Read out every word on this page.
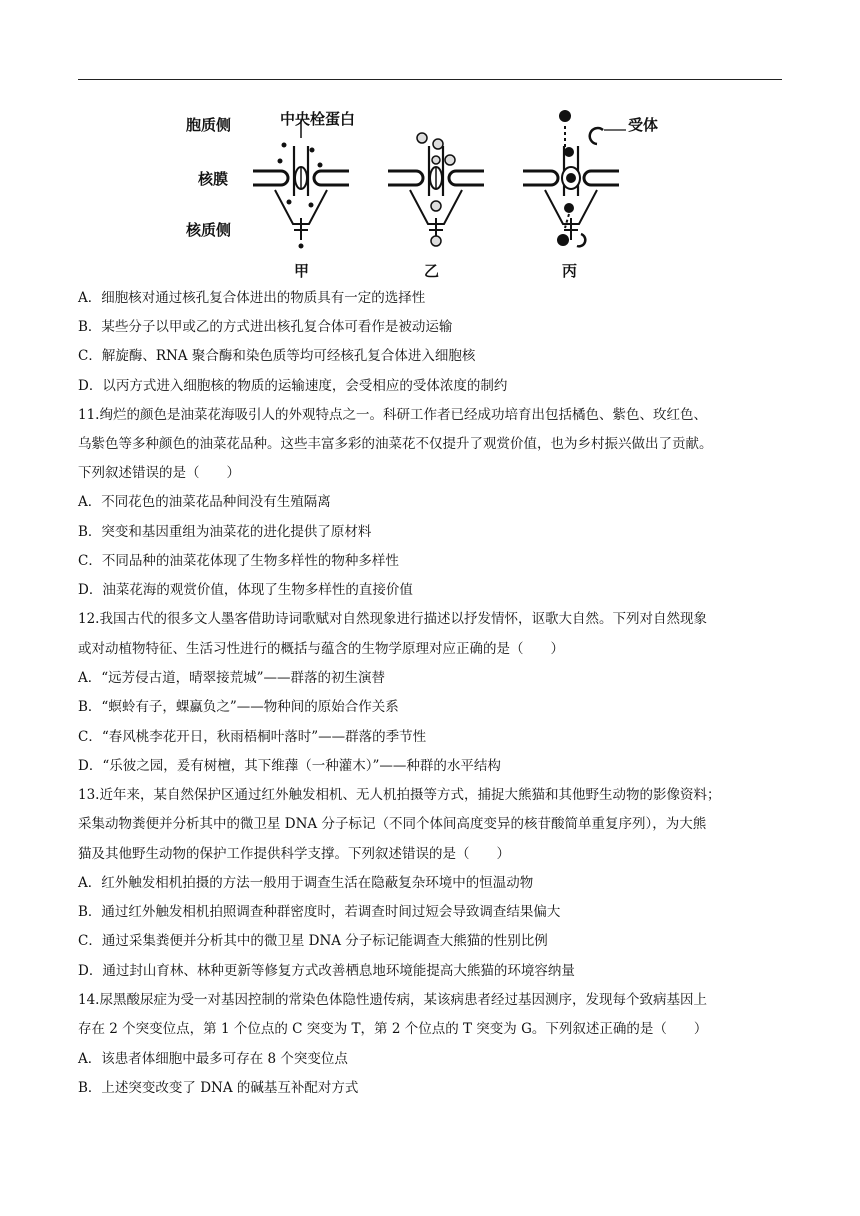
胞质侧	中央栓蛋白	受体
核膜
核质侧
甲	乙	丙
A．细胞核对通过核孔复合体进出的物质具有一定的选择性
B．某些分子以甲或乙的方式进出核孔复合体可看作是被动运输
C．解旋酶、RNA 聚合酶和染色质等均可经核孔复合体进入细胞核
D．以丙方式进入细胞核的物质的运输速度，会受相应的受体浓度的制约
11.绚烂的颜色是油菜花海吸引人的外观特点之一。科研工作者已经成功培育出包括橘色、紫色、玫红色、
乌紫色等多种颜色的油菜花品种。这些丰富多彩的油菜花不仅提升了观赏价值，也为乡村振兴做出了贡献。
下列叙述错误的是（　　）
A．不同花色的油菜花品种间没有生殖隔离
B．突变和基因重组为油菜花的进化提供了原材料
C．不同品种的油菜花体现了生物多样性的物种多样性
D．油菜花海的观赏价值，体现了生物多样性的直接价值
12.我国古代的很多文人墨客借助诗词歌赋对自然现象进行描述以抒发情怀，讴歌大自然。下列对自然现象
或对动植物特征、生活习性进行的概括与蕴含的生物学原理对应正确的是（　　）
A．“远芳侵古道，晴翠接荒城”——群落的初生演替
B．“螟蛉有子，蜾蠃负之”——物种间的原始合作关系
C．“春风桃李花开日，秋雨梧桐叶落时”——群落的季节性
D．“乐彼之园，爰有树檀，其下维蘀（一种灌木）”——种群的水平结构
13.近年来，某自然保护区通过红外触发相机、无人机拍摄等方式，捕捉大熊猫和其他野生动物的影像资料；
采集动物粪便并分析其中的微卫星 DNA 分子标记（不同个体间高度变异的核苷酸简单重复序列），为大熊
猫及其他野生动物的保护工作提供科学支撑。下列叙述错误的是（　　）
A．红外触发相机拍摄的方法一般用于调查生活在隐蔽复杂环境中的恒温动物
B．通过红外触发相机拍照调查种群密度时，若调查时间过短会导致调查结果偏大
C．通过采集粪便并分析其中的微卫星 DNA 分子标记能调查大熊猫的性别比例
D．通过封山育林、林种更新等修复方式改善栖息地环境能提高大熊猫的环境容纳量
14.尿黑酸尿症为受一对基因控制的常染色体隐性遗传病，某该病患者经过基因测序，发现每个致病基因上
存在 2 个突变位点，第 1 个位点的 C 突变为 T，第 2 个位点的 T 突变为 G。下列叙述正确的是（　　）
A．该患者体细胞中最多可存在 8 个突变位点
B．上述突变改变了 DNA 的碱基互补配对方式
